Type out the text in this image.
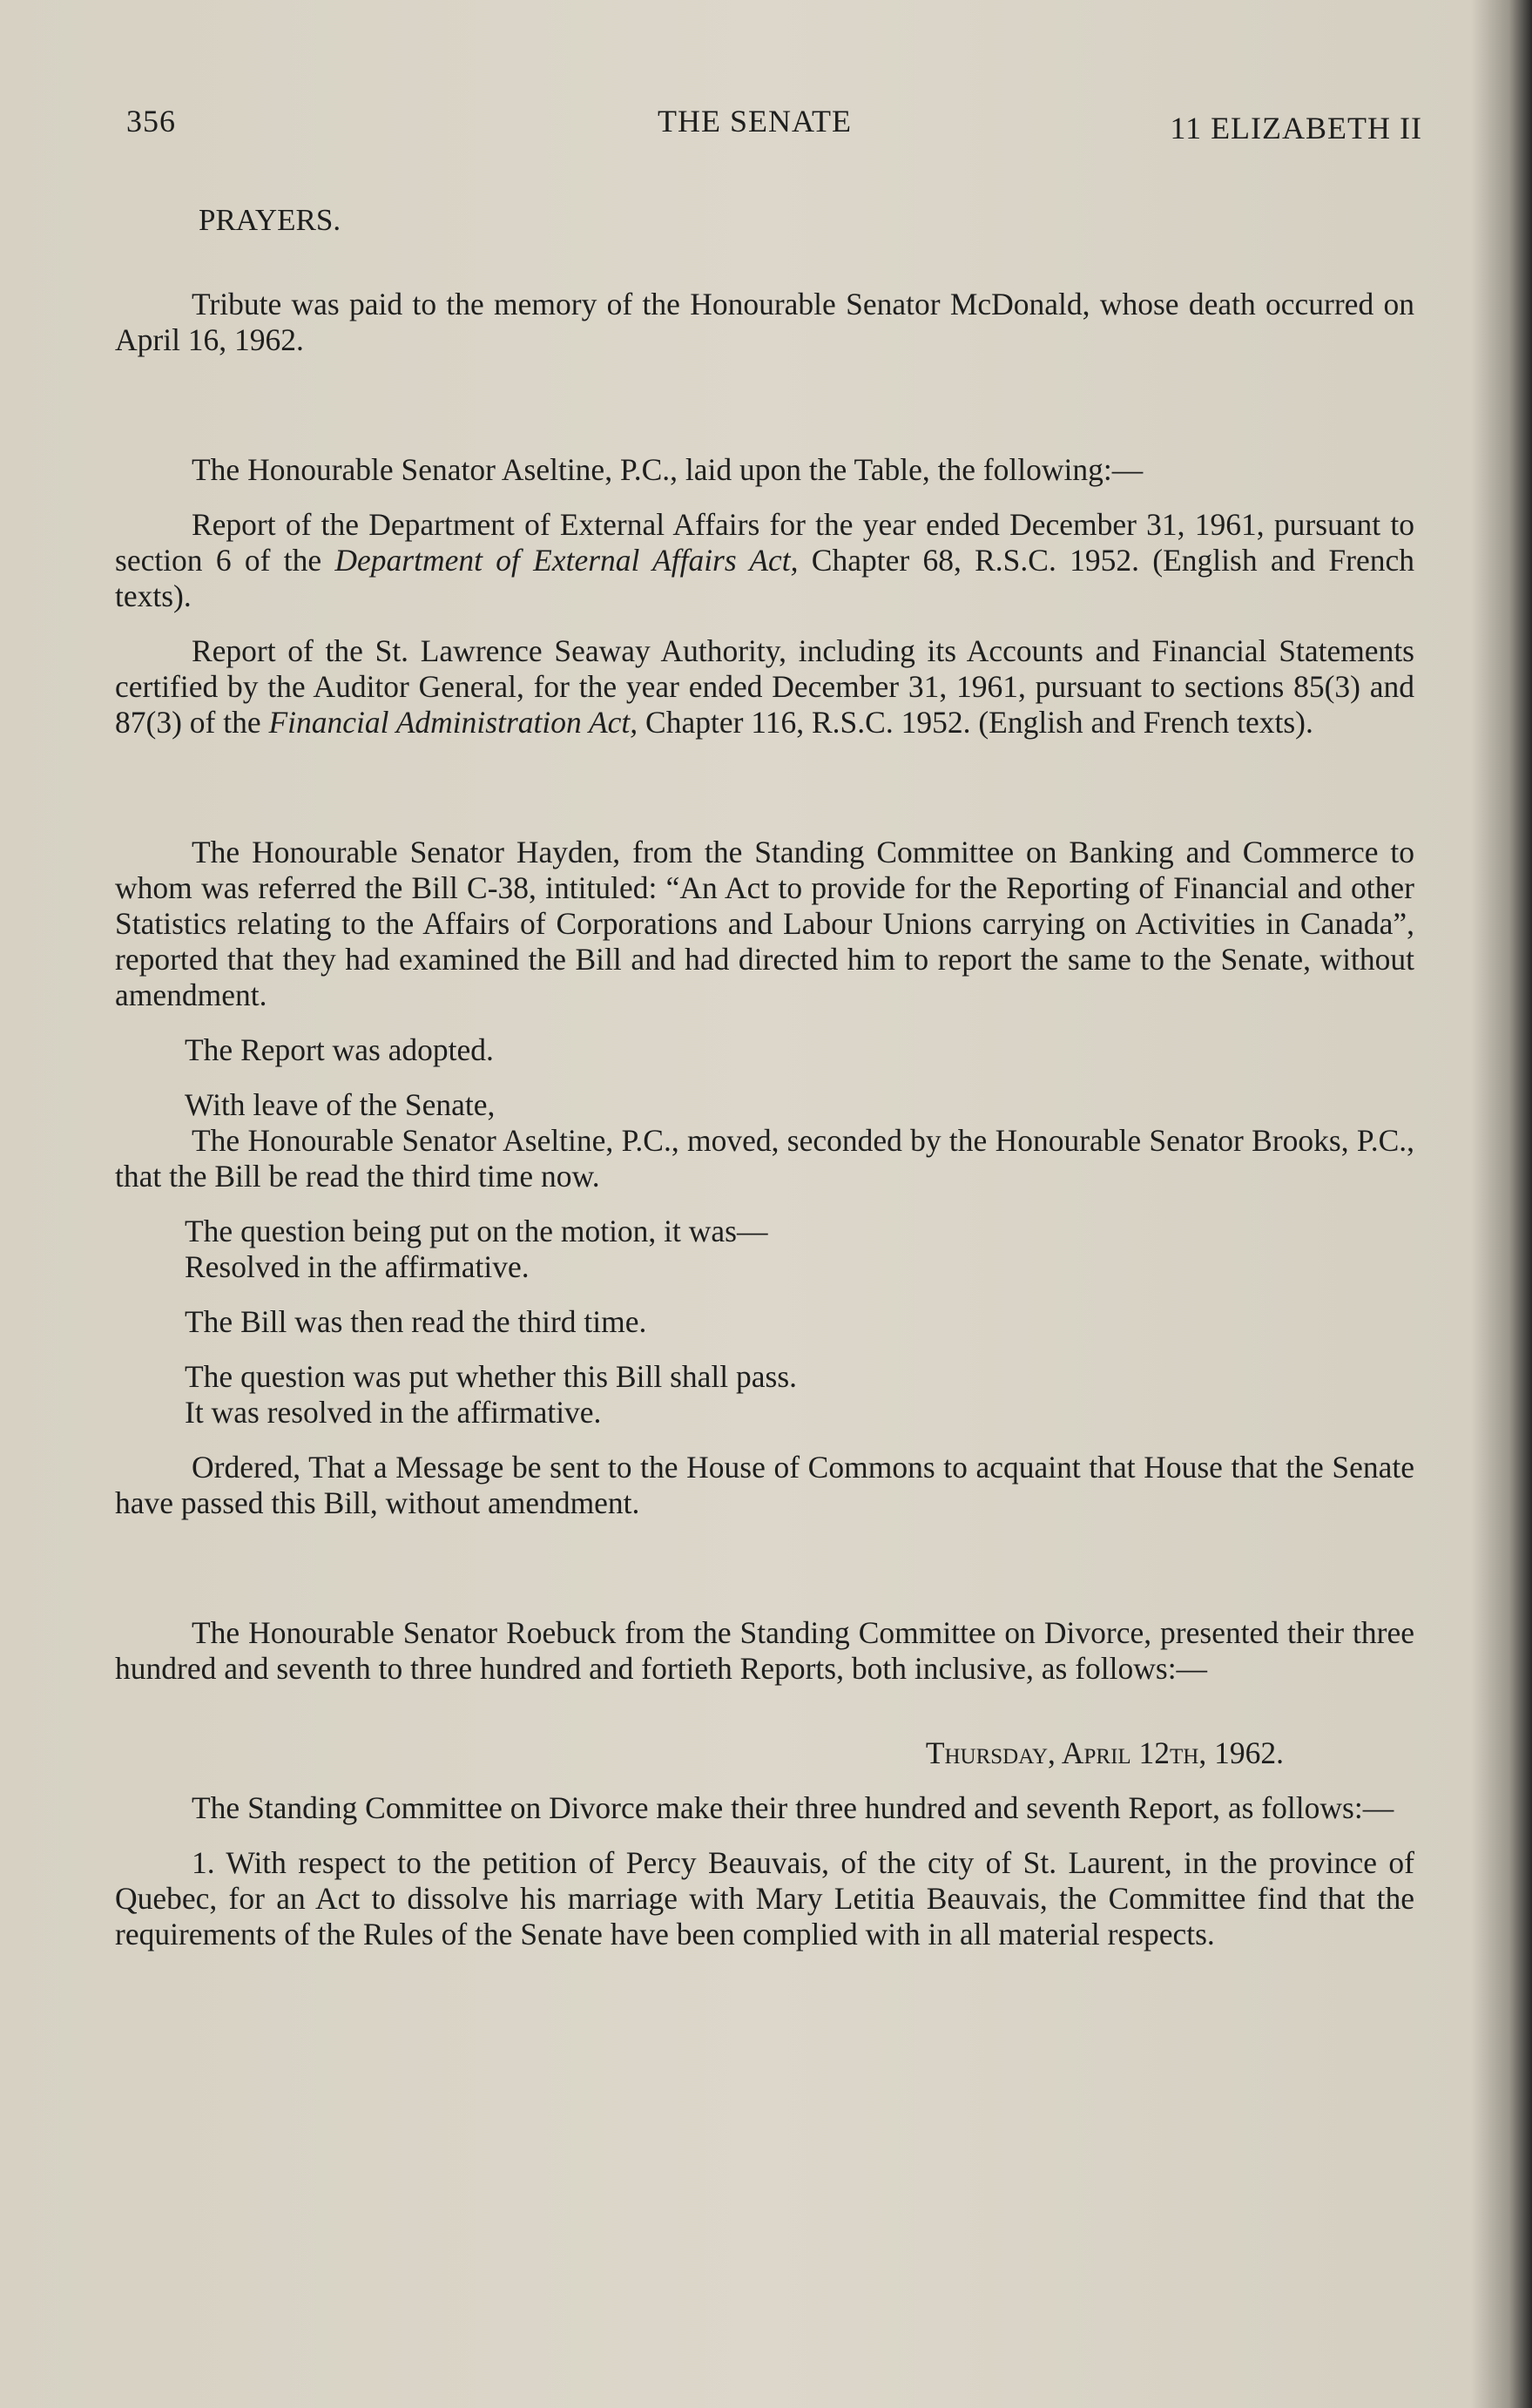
356	THE SENATE	11 ELIZABETH II

PRAYERS.

Tribute was paid to the memory of the Honourable Senator McDonald, whose death occurred on April 16, 1962.

The Honourable Senator Aseltine, P.C., laid upon the Table, the following:—

Report of the Department of External Affairs for the year ended December 31, 1961, pursuant to section 6 of the Department of External Affairs Act, Chapter 68, R.S.C. 1952. (English and French texts).

Report of the St. Lawrence Seaway Authority, including its Accounts and Financial Statements certified by the Auditor General, for the year ended December 31, 1961, pursuant to sections 85(3) and 87(3) of the Financial Administration Act, Chapter 116, R.S.C. 1952. (English and French texts).

The Honourable Senator Hayden, from the Standing Committee on Banking and Commerce to whom was referred the Bill C-38, intituled: “An Act to provide for the Reporting of Financial and other Statistics relating to the Affairs of Corporations and Labour Unions carrying on Activities in Canada”, reported that they had examined the Bill and had directed him to report the same to the Senate, without amendment.

The Report was adopted.

With leave of the Senate,

The Honourable Senator Aseltine, P.C., moved, seconded by the Honourable Senator Brooks, P.C., that the Bill be read the third time now.

The question being put on the motion, it was—

Resolved in the affirmative.

The Bill was then read the third time.

The question was put whether this Bill shall pass.

It was resolved in the affirmative.

Ordered, That a Message be sent to the House of Commons to acquaint that House that the Senate have passed this Bill, without amendment.

The Honourable Senator Roebuck from the Standing Committee on Divorce, presented their three hundred and seventh to three hundred and fortieth Reports, both inclusive, as follows:—

Thursday, April 12th, 1962.

The Standing Committee on Divorce make their three hundred and seventh Report, as follows:—

1. With respect to the petition of Percy Beauvais, of the city of St. Laurent, in the province of Quebec, for an Act to dissolve his marriage with Mary Letitia Beauvais, the Committee find that the requirements of the Rules of the Senate have been complied with in all material respects.
